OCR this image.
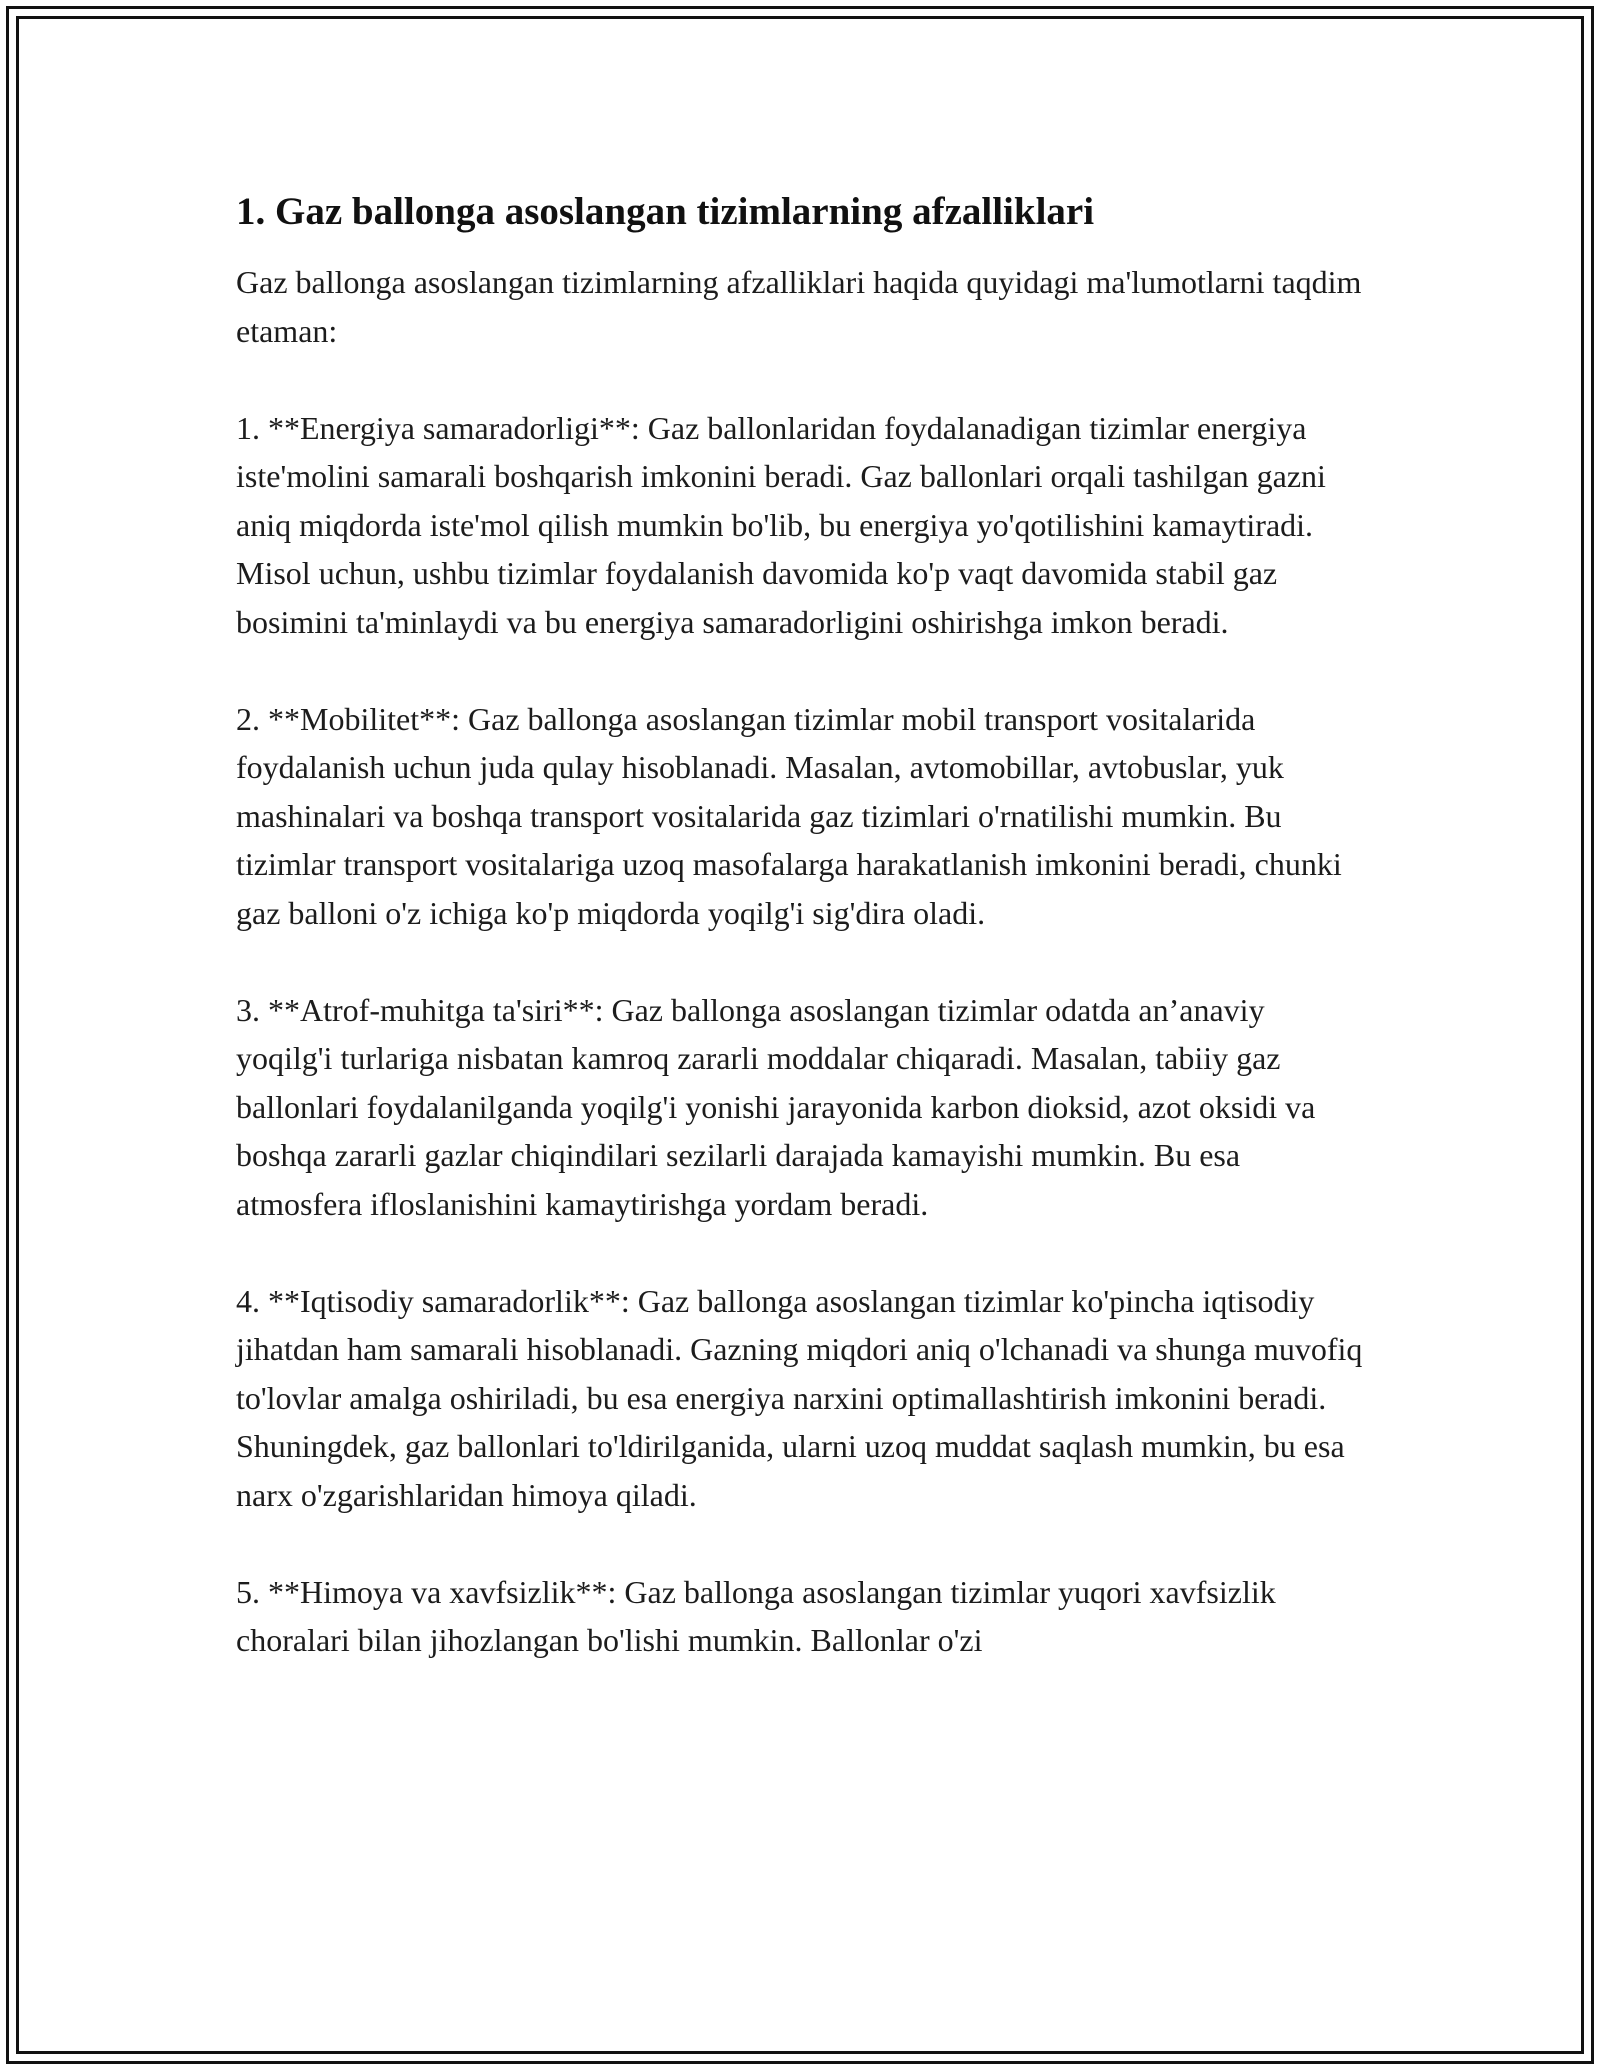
1. Gaz ballonga asoslangan tizimlarning afzalliklari

Gaz ballonga asoslangan tizimlarning afzalliklari haqida quyidagi ma'lumotlarni taqdim etaman:

1. **Energiya samaradorligi**: Gaz ballonlaridan foydalanadigan tizimlar energiya iste'molini samarali boshqarish imkonini beradi. Gaz ballonlari orqali tashilgan gazni aniq miqdorda iste'mol qilish mumkin bo'lib, bu energiya yo'qotilishini kamaytiradi. Misol uchun, ushbu tizimlar foydalanish davomida ko'p vaqt davomida stabil gaz bosimini ta'minlaydi va bu energiya samaradorligini oshirishga imkon beradi.

2. **Mobilitet**: Gaz ballonga asoslangan tizimlar mobil transport vositalarida foydalanish uchun juda qulay hisoblanadi. Masalan, avtomobillar, avtobuslar, yuk mashinalari va boshqa transport vositalarida gaz tizimlari o'rnatilishi mumkin. Bu tizimlar transport vositalariga uzoq masofalarga harakatlanish imkonini beradi, chunki gaz balloni o'z ichiga ko'p miqdorda yoqilg'i sig'dira oladi.

3. **Atrof-muhitga ta'siri**: Gaz ballonga asoslangan tizimlar odatda an’anaviy yoqilg'i turlariga nisbatan kamroq zararli moddalar chiqaradi. Masalan, tabiiy gaz ballonlari foydalanilganda yoqilg'i yonishi jarayonida karbon dioksid, azot oksidi va boshqa zararli gazlar chiqindilari sezilarli darajada kamayishi mumkin. Bu esa atmosfera ifloslanishini kamaytirishga yordam beradi.

4. **Iqtisodiy samaradorlik**: Gaz ballonga asoslangan tizimlar ko'pincha iqtisodiy jihatdan ham samarali hisoblanadi. Gazning miqdori aniq o'lchanadi va shunga muvofiq to'lovlar amalga oshiriladi, bu esa energiya narxini optimallashtirish imkonini beradi. Shuningdek, gaz ballonlari to'ldirilganida, ularni uzoq muddat saqlash mumkin, bu esa narx o'zgarishlaridan himoya qiladi.

5. **Himoya va xavfsizlik**: Gaz ballonga asoslangan tizimlar yuqori xavfsizlik choralari bilan jihozlangan bo'lishi mumkin. Ballonlar o'zi
